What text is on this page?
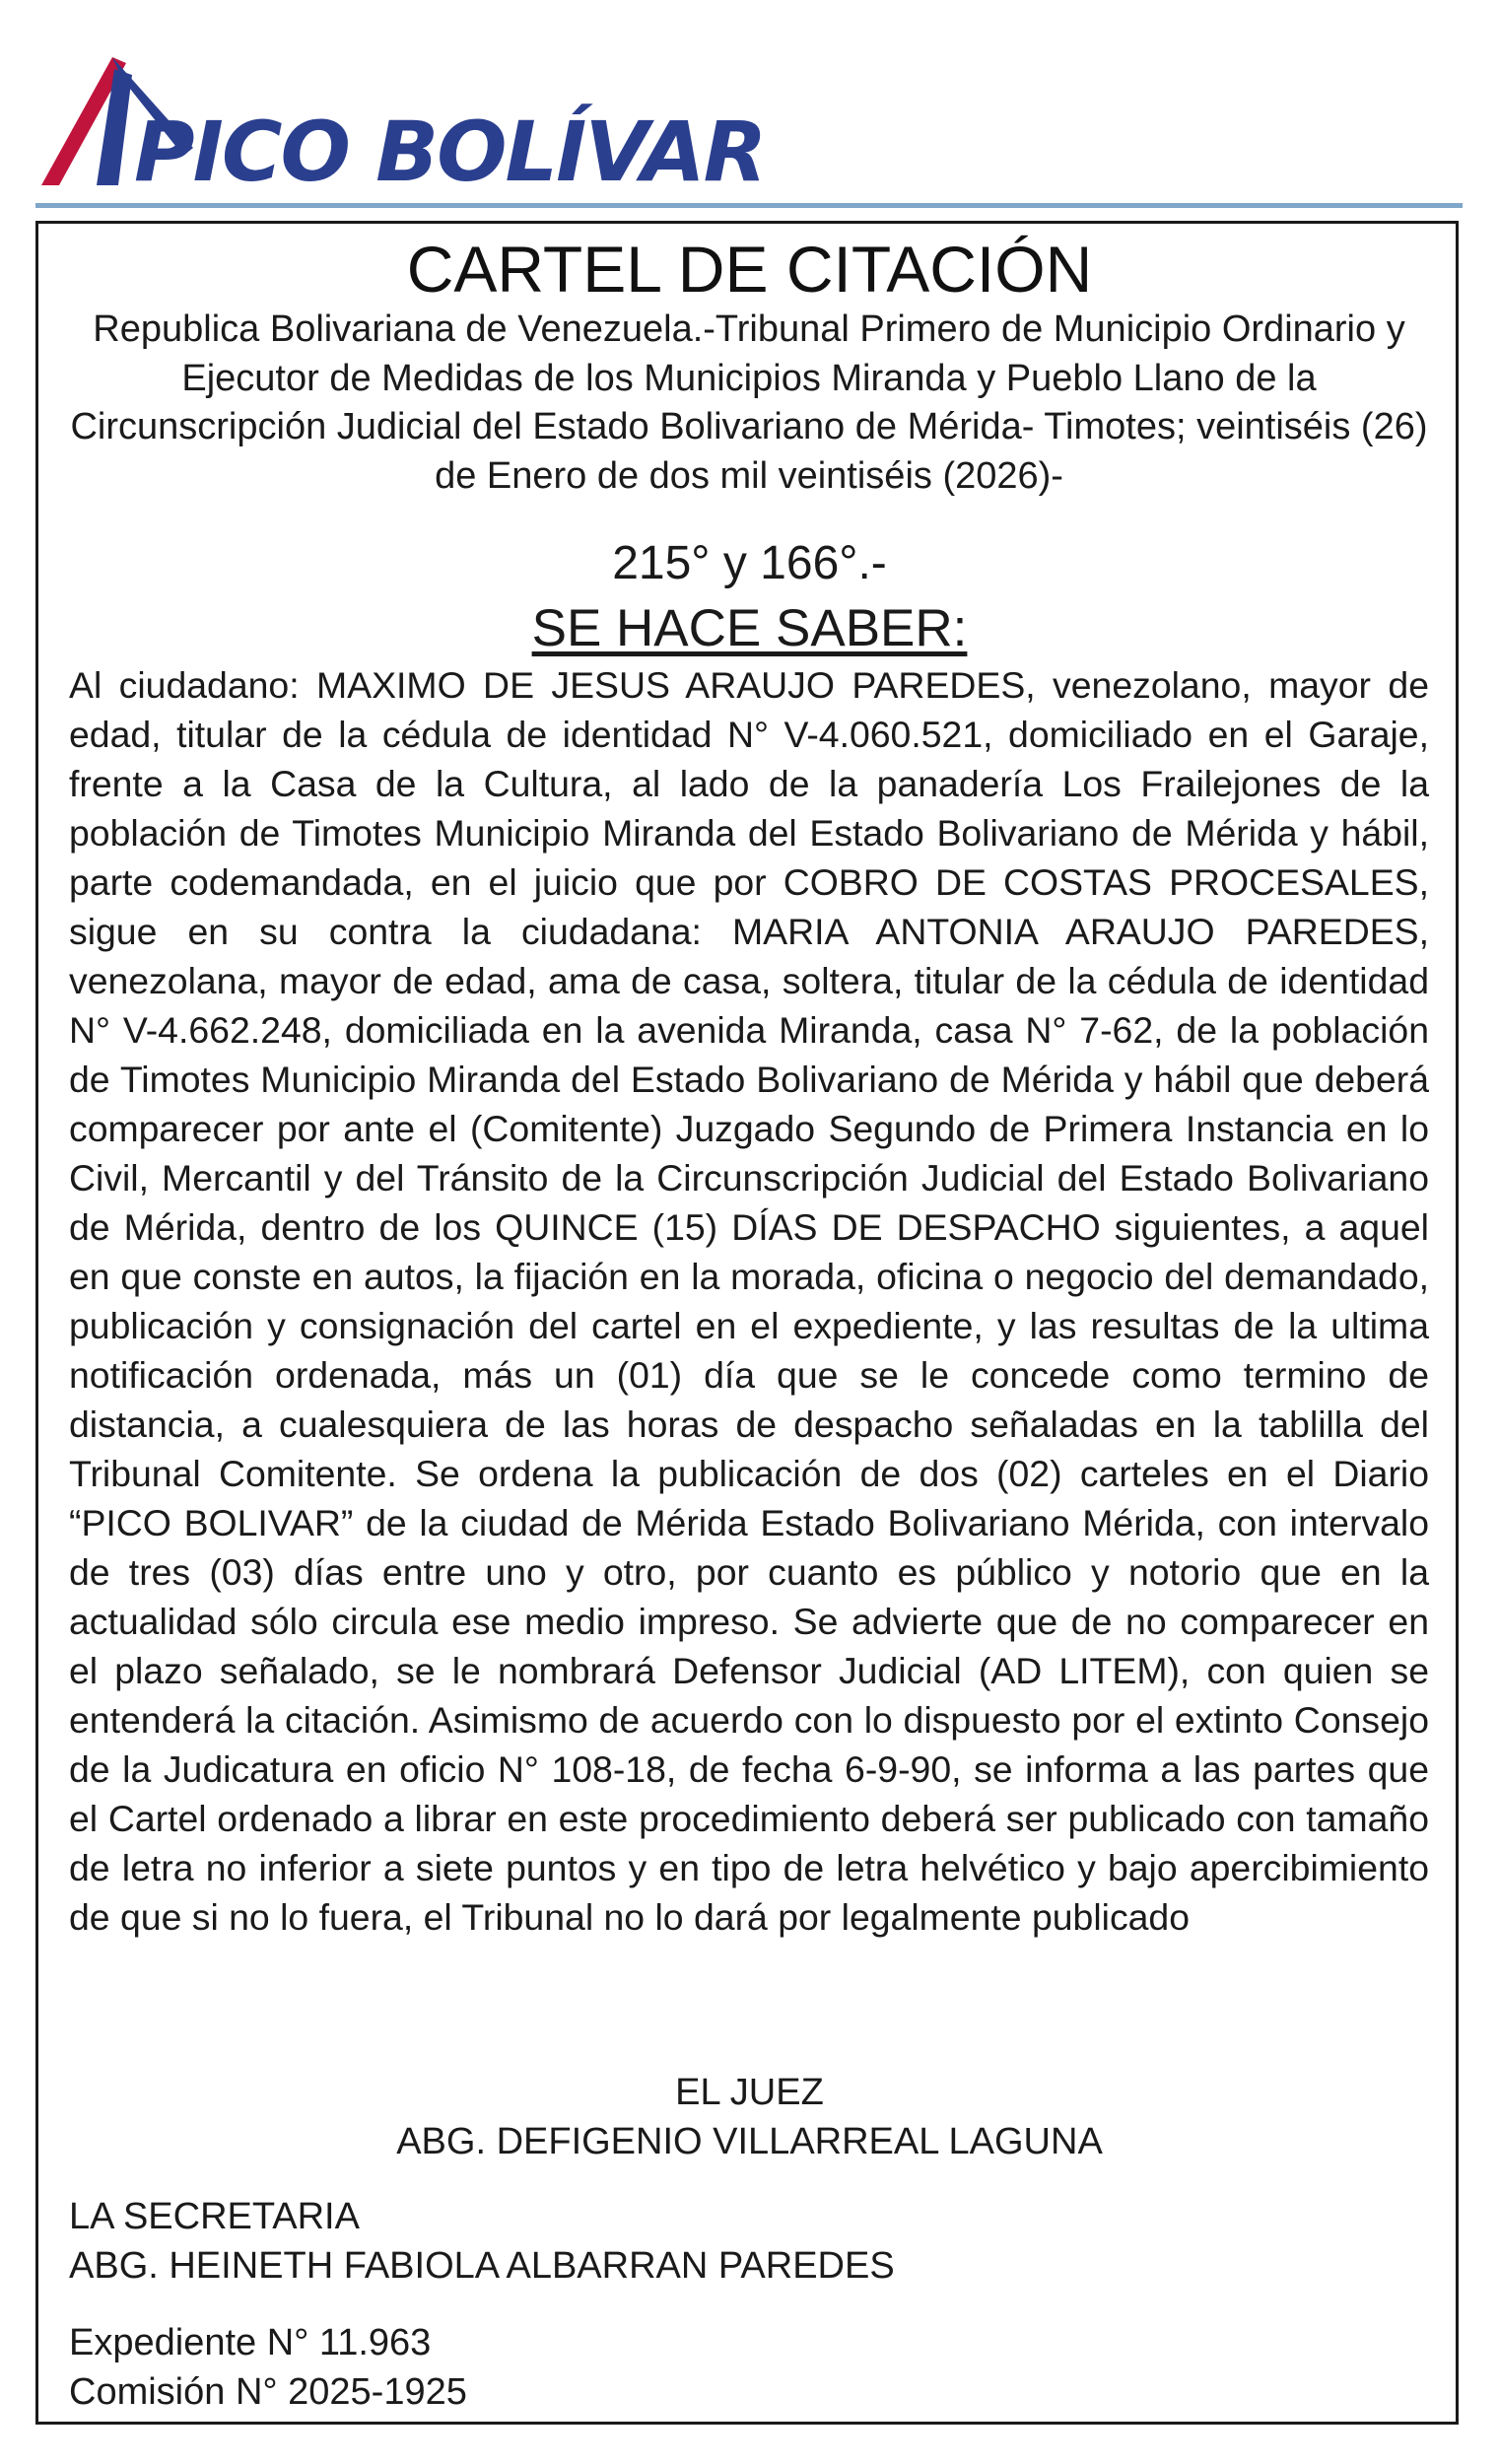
PICO BOLÍVAR
CARTEL DE CITACIÓN
Republica Bolivariana de Venezuela.-Tribunal Primero de Municipio Ordinario y Ejecutor de Medidas de los Municipios Miranda y Pueblo Llano de la Circunscripción Judicial del Estado Bolivariano de Mérida- Timotes; veintiséis (26) de Enero de dos mil veintiséis (2026)-
215° y 166°.-
SE HACE SABER:
Al ciudadano: MAXIMO DE JESUS ARAUJO PAREDES, venezolano, mayor de edad, titular de la cédula de identidad N° V-4.060.521, domiciliado en el Garaje, frente a la Casa de la Cultura, al lado de la panadería Los Frailejones de la población de Timotes Municipio Miranda del Estado Bolivariano de Mérida y hábil, parte codemandada, en el juicio que por COBRO DE COSTAS PROCESALES, sigue en su contra la ciudadana: MARIA ANTONIA ARAUJO PAREDES, venezolana, mayor de edad, ama de casa, soltera, titular de la cédula de identidad N° V-4.662.248, domiciliada en la avenida Miranda, casa N° 7-62, de la población de Timotes Municipio Miranda del Estado Bolivariano de Mérida y hábil que deberá comparecer por ante el (Comitente) Juzgado Segundo de Primera Instancia en lo Civil, Mercantil y del Tránsito de la Circunscripción Judicial del Estado Bolivariano de Mérida, dentro de los QUINCE (15) DÍAS DE DESPACHO siguientes, a aquel en que conste en autos, la fijación en la morada, oficina o negocio del demandado, publicación y consignación del cartel en el expediente, y las resultas de la ultima notificación ordenada, más un (01) día que se le concede como termino de distancia, a cualesquiera de las horas de despacho señaladas en la tablilla del Tribunal Comitente. Se ordena la publicación de dos (02) carteles en el Diario “PICO BOLIVAR” de la ciudad de Mérida Estado Bolivariano Mérida, con intervalo de tres (03) días entre uno y otro, por cuanto es público y notorio que en la actualidad sólo circula ese medio impreso. Se advierte que de no comparecer en el plazo señalado, se le nombrará Defensor Judicial (AD LITEM), con quien se entenderá la citación. Asimismo de acuerdo con lo dispuesto por el extinto Consejo de la Judicatura en oficio N° 108-18, de fecha 6-9-90, se informa a las partes que el Cartel ordenado a librar en este procedimiento deberá ser publicado con tamaño de letra no inferior a siete puntos y en tipo de letra helvético y bajo apercibimiento de que si no lo fuera, el Tribunal no lo dará por legalmente publicado
EL JUEZ
ABG. DEFIGENIO VILLARREAL LAGUNA
LA SECRETARIA
ABG. HEINETH FABIOLA ALBARRAN PAREDES
Expediente N° 11.963
Comisión N° 2025-1925
